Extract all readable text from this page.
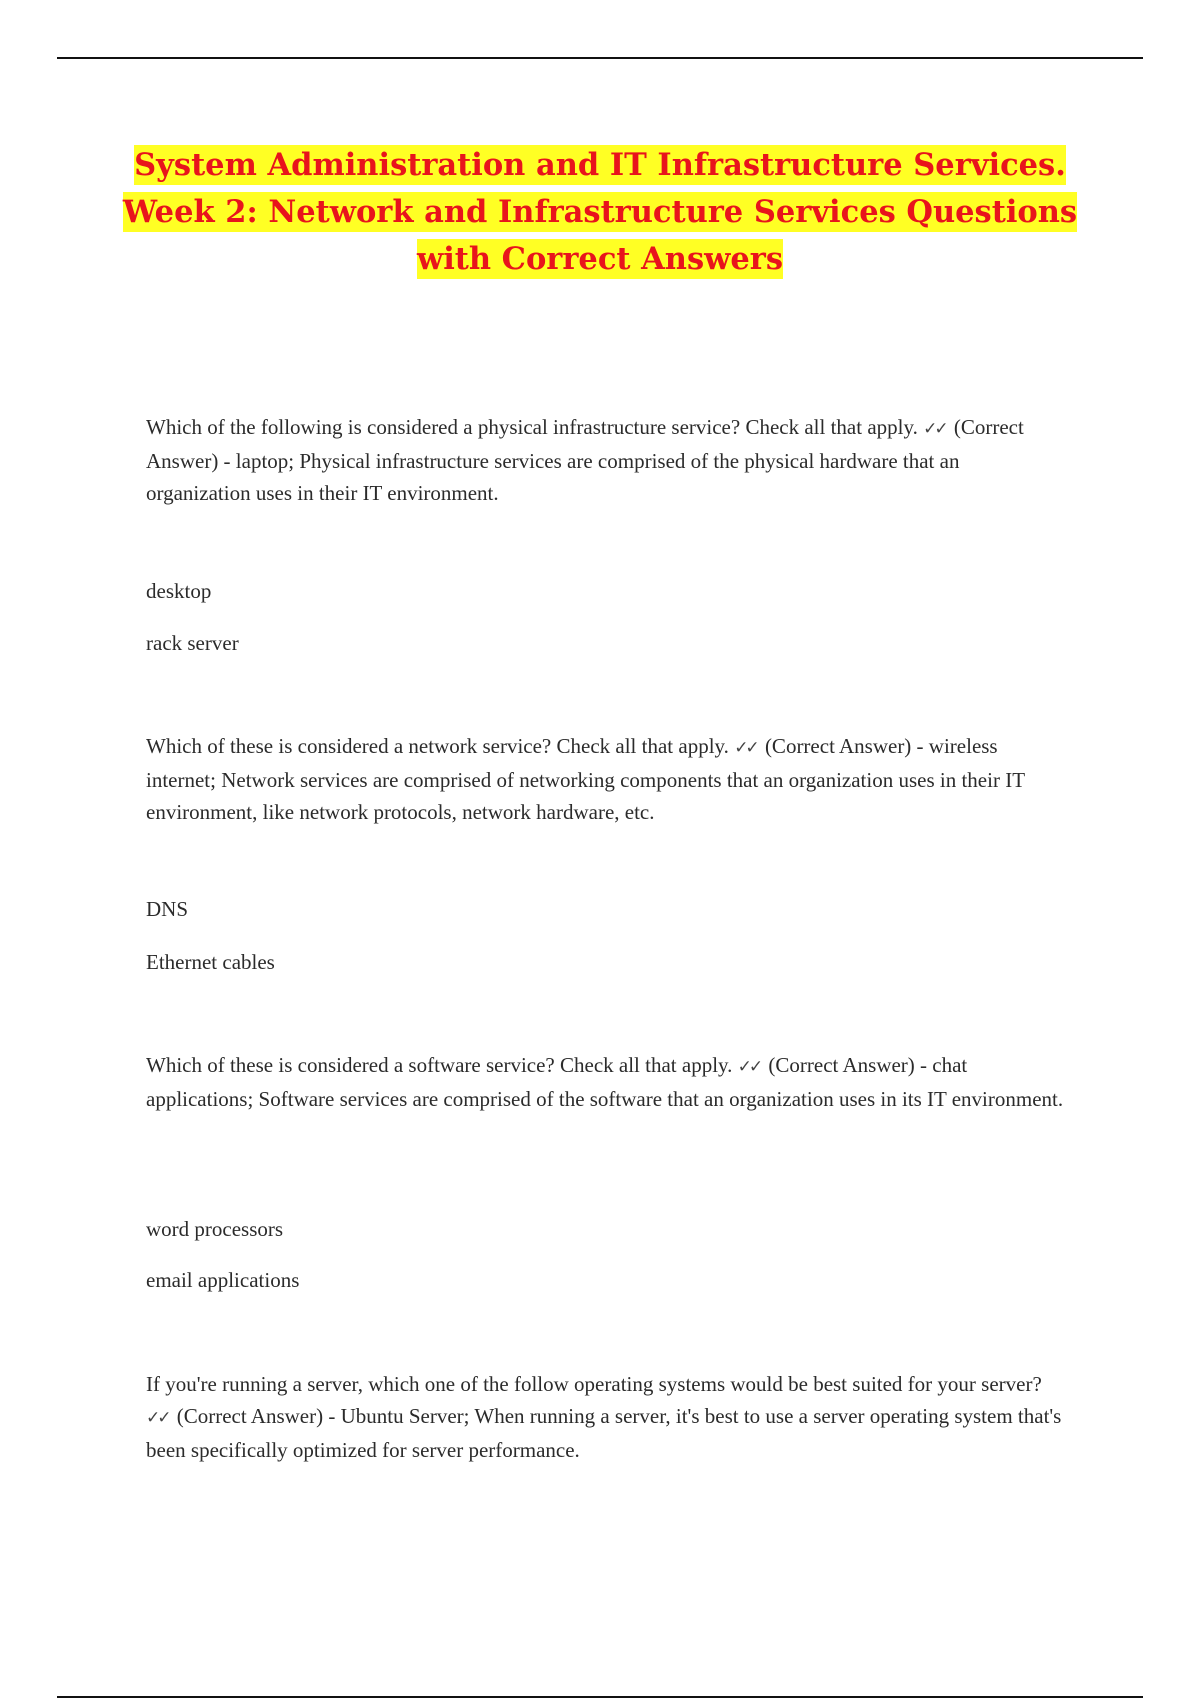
System Administration and IT Infrastructure Services.
Week 2: Network and Infrastructure Services Questions
with Correct Answers
Which of the following is considered a physical infrastructure service? Check all that apply. ✓✓ (Correct Answer) - laptop; Physical infrastructure services are comprised of the physical hardware that an organization uses in their IT environment.
desktop
rack server
Which of these is considered a network service? Check all that apply. ✓✓ (Correct Answer) - wireless internet; Network services are comprised of networking components that an organization uses in their IT environment, like network protocols, network hardware, etc.
DNS
Ethernet cables
Which of these is considered a software service? Check all that apply. ✓✓ (Correct Answer) - chat applications; Software services are comprised of the software that an organization uses in its IT environment.
word processors
email applications
If you're running a server, which one of the follow operating systems would be best suited for your server? ✓✓ (Correct Answer) - Ubuntu Server; When running a server, it's best to use a server operating system that's been specifically optimized for server performance.
